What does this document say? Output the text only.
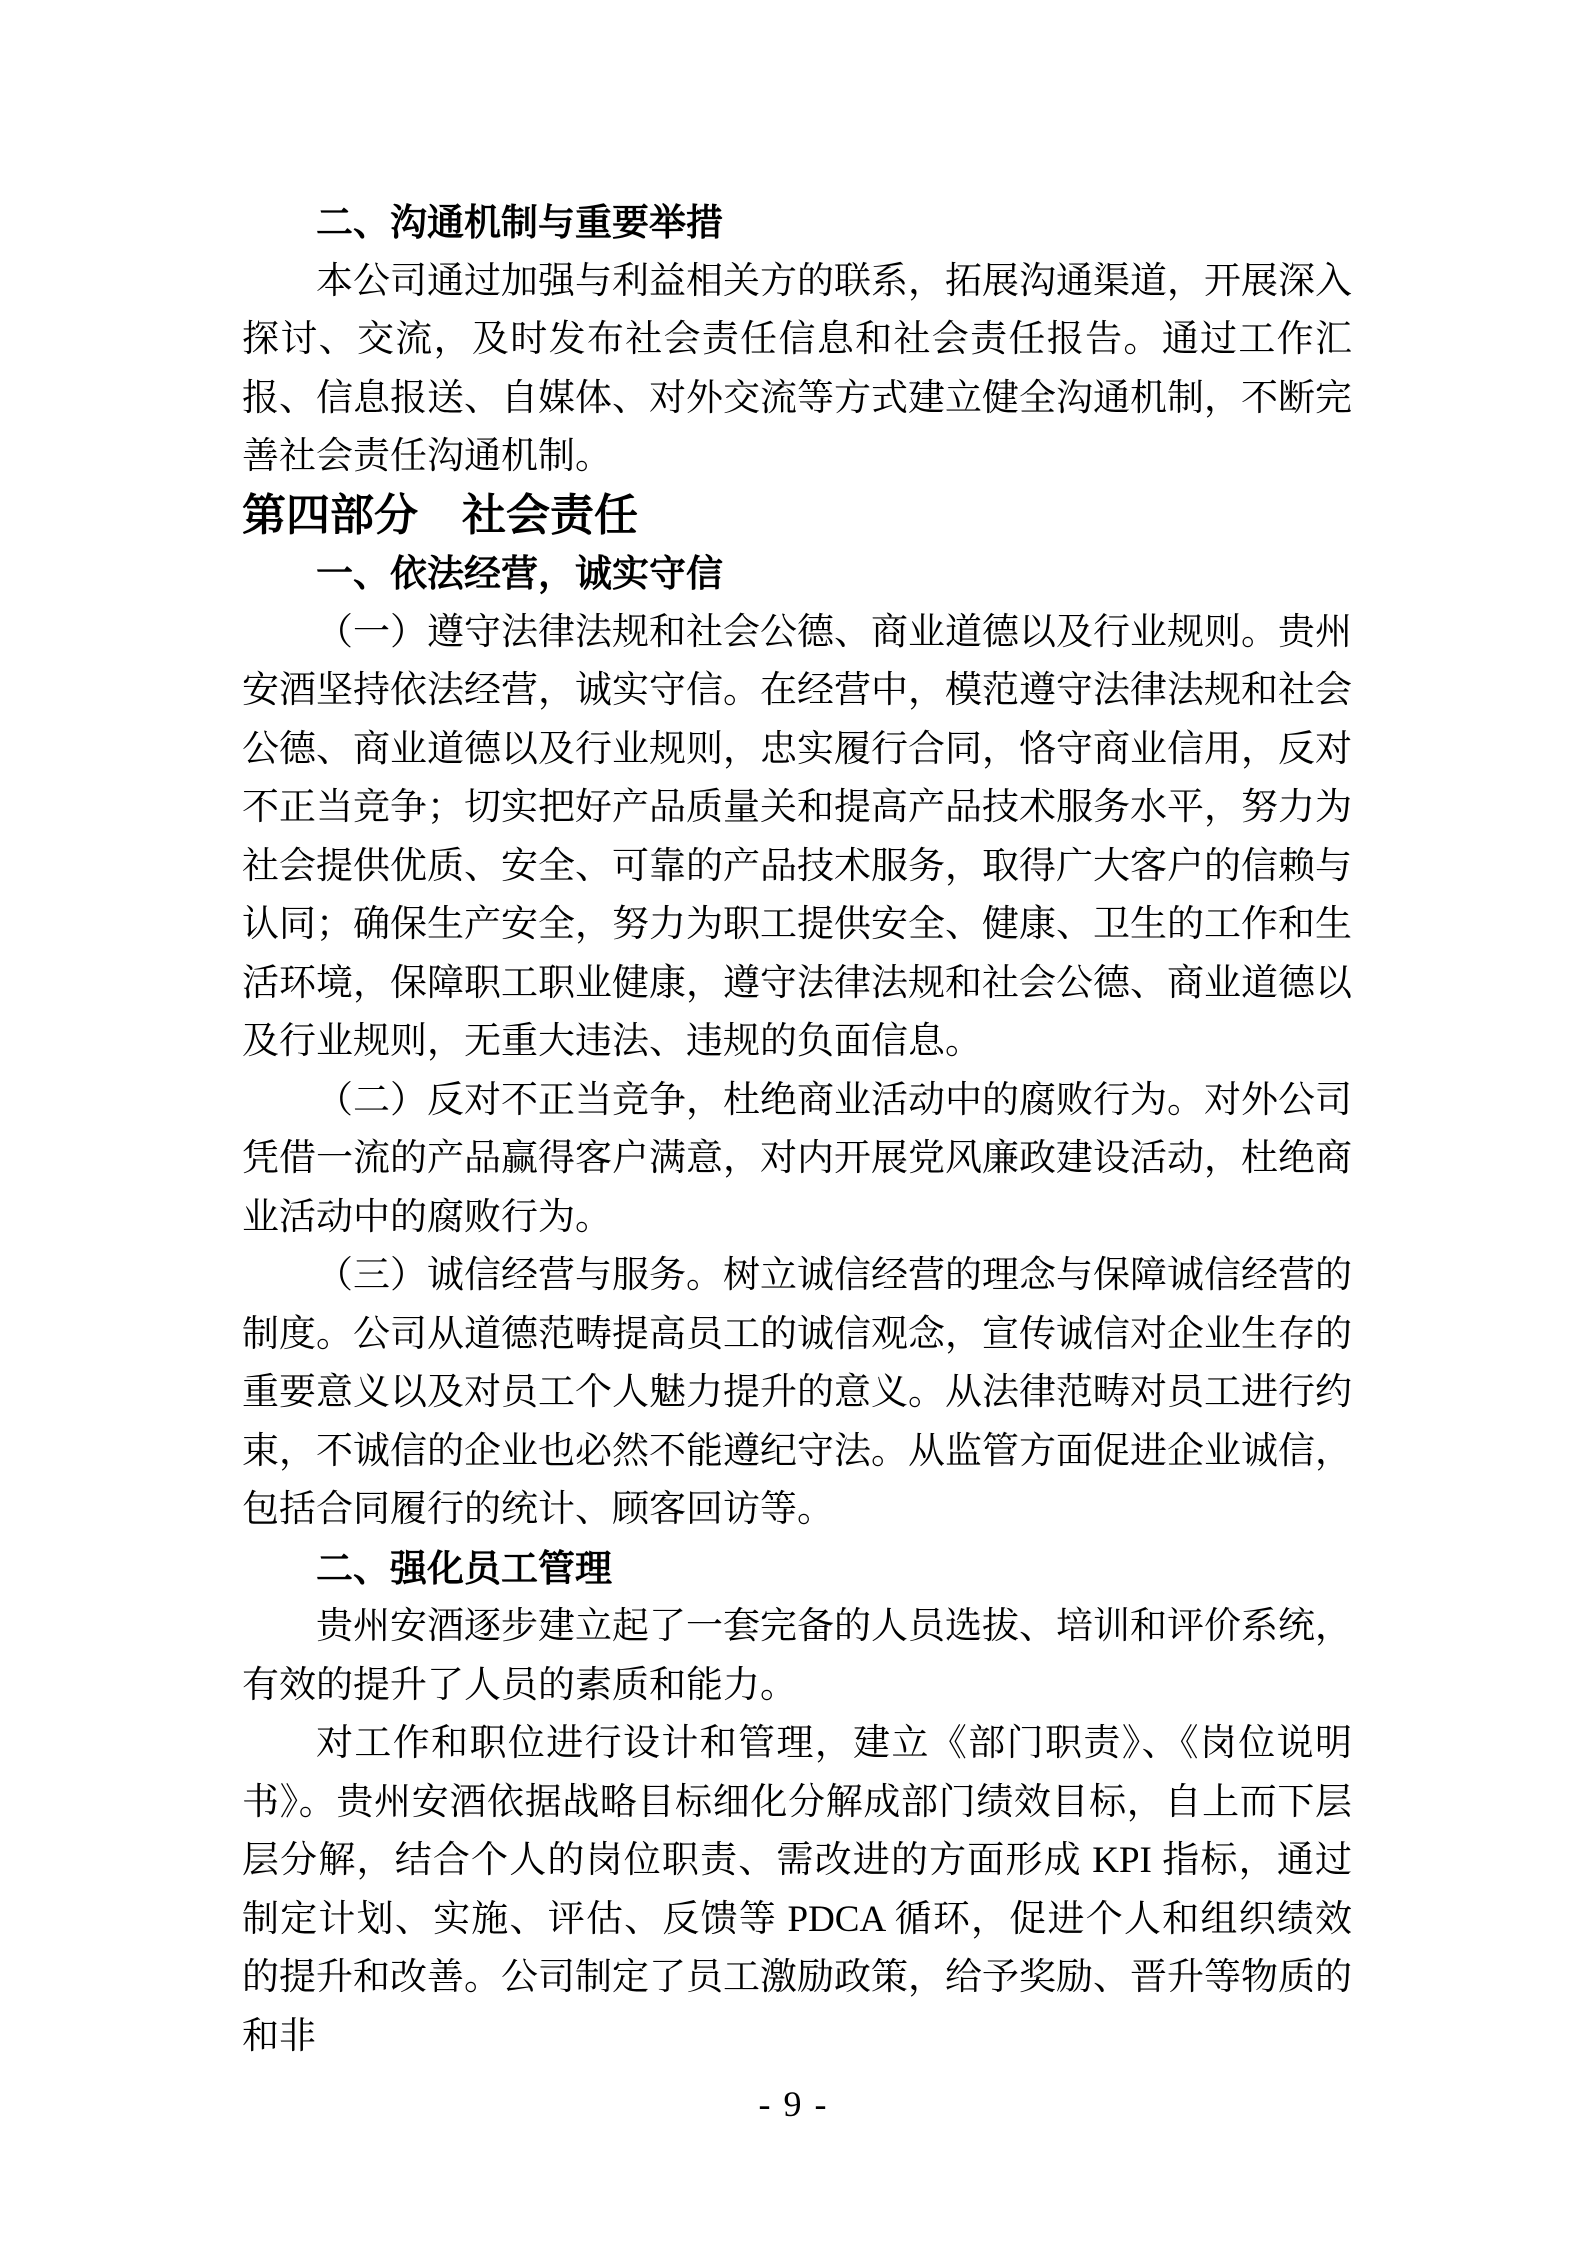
二、沟通机制与重要举措

本公司通过加强与利益相关方的联系，拓展沟通渠道，开展深入探讨、交流，及时发布社会责任信息和社会责任报告。通过工作汇报、信息报送、自媒体、对外交流等方式建立健全沟通机制，不断完善社会责任沟通机制。

第四部分　社会责任

一、依法经营，诚实守信

（一）遵守法律法规和社会公德、商业道德以及行业规则。贵州安酒坚持依法经营，诚实守信。在经营中，模范遵守法律法规和社会公德、商业道德以及行业规则，忠实履行合同，恪守商业信用，反对不正当竞争；切实把好产品质量关和提高产品技术服务水平，努力为社会提供优质、安全、可靠的产品技术服务，取得广大客户的信赖与认同；确保生产安全，努力为职工提供安全、健康、卫生的工作和生活环境，保障职工职业健康，遵守法律法规和社会公德、商业道德以及行业规则，无重大违法、违规的负面信息。

（二）反对不正当竞争，杜绝商业活动中的腐败行为。对外公司凭借一流的产品赢得客户满意，对内开展党风廉政建设活动，杜绝商业活动中的腐败行为。

（三）诚信经营与服务。树立诚信经营的理念与保障诚信经营的制度。公司从道德范畴提高员工的诚信观念，宣传诚信对企业生存的重要意义以及对员工个人魅力提升的意义。从法律范畴对员工进行约束，不诚信的企业也必然不能遵纪守法。从监管方面促进企业诚信，包括合同履行的统计、顾客回访等。

二、强化员工管理

贵州安酒逐步建立起了一套完备的人员选拔、培训和评价系统，有效的提升了人员的素质和能力。

对工作和职位进行设计和管理，建立《部门职责》、《岗位说明书》。贵州安酒依据战略目标细化分解成部门绩效目标，自上而下层层分解，结合个人的岗位职责、需改进的方面形成 KPI 指标，通过制定计划、实施、评估、反馈等 PDCA 循环，促进个人和组织绩效的提升和改善。公司制定了员工激励政策，给予奖励、晋升等物质的和非

- 9 -
